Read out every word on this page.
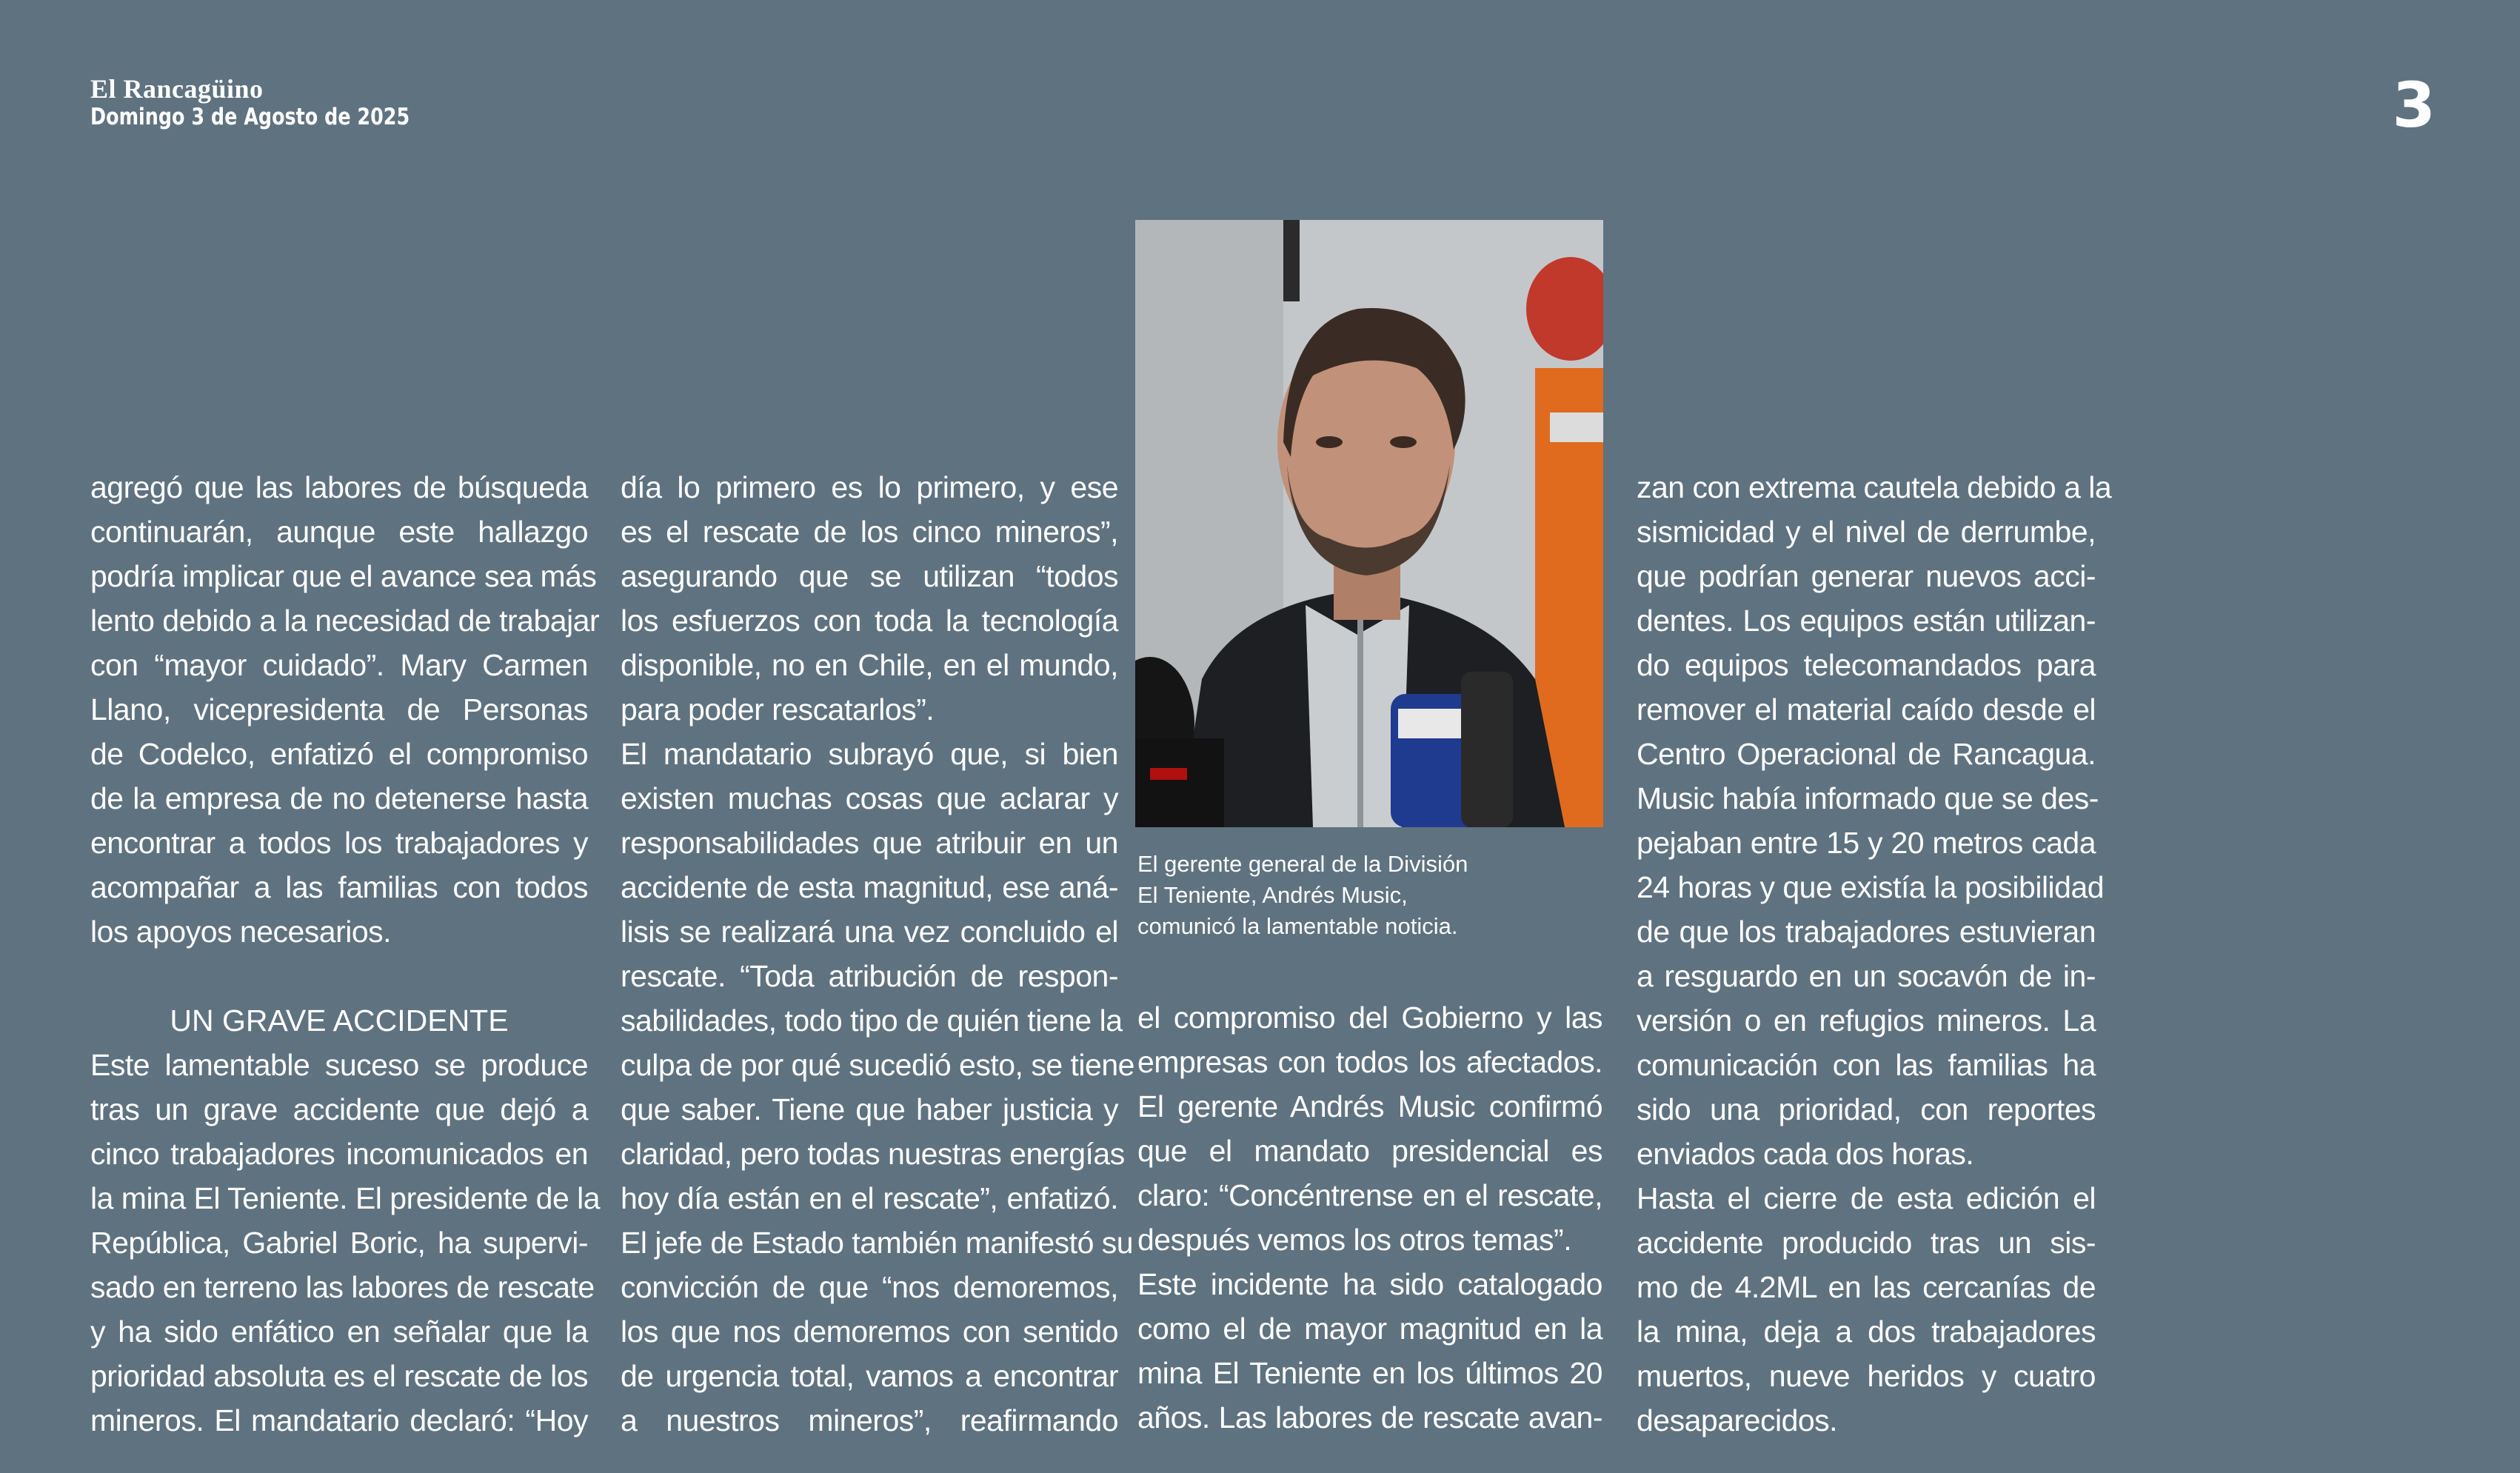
El Rancagüino
Domingo 3 de Agosto de 2025	3

agregó que las labores de búsqueda
continuarán, aunque este hallazgo
podría implicar que el avance sea más
lento debido a la necesidad de trabajar
con “mayor cuidado”. Mary Carmen
Llano, vicepresidenta de Personas
de Codelco, enfatizó el compromiso
de la empresa de no detenerse hasta
encontrar a todos los trabajadores y
acompañar a las familias con todos
los apoyos necesarios.

UN GRAVE ACCIDENTE

Este lamentable suceso se produce
tras un grave accidente que dejó a
cinco trabajadores incomunicados en
la mina El Teniente. El presidente de la
República, Gabriel Boric, ha supervi-
sado en terreno las labores de rescate
y ha sido enfático en señalar que la
prioridad absoluta es el rescate de los
mineros. El mandatario declaró: “Hoy

día lo primero es lo primero, y ese
es el rescate de los cinco mineros”,
asegurando que se utilizan “todos
los esfuerzos con toda la tecnología
disponible, no en Chile, en el mundo,
para poder rescatarlos”.

El mandatario subrayó que, si bien
existen muchas cosas que aclarar y
responsabilidades que atribuir en un
accidente de esta magnitud, ese aná-
lisis se realizará una vez concluido el
rescate. “Toda atribución de respon-
sabilidades, todo tipo de quién tiene la
culpa de por qué sucedió esto, se tiene
que saber. Tiene que haber justicia y
claridad, pero todas nuestras energías
hoy día están en el rescate”, enfatizó.

El jefe de Estado también manifestó su
convicción de que “nos demoremos,
los que nos demoremos con sentido
de urgencia total, vamos a encontrar
a nuestros mineros”, reafirmando

el compromiso del Gobierno y las
empresas con todos los afectados.
El gerente Andrés Music confirmó
que el mandato presidencial es
claro: “Concéntrense en el rescate,
después vemos los otros temas”.

Este incidente ha sido catalogado
como el de mayor magnitud en la
mina El Teniente en los últimos 20
años. Las labores de rescate avan-

zan con extrema cautela debido a la
sismicidad y el nivel de derrumbe,
que podrían generar nuevos acci-
dentes. Los equipos están utilizan-
do equipos telecomandados para
remover el material caído desde el
Centro Operacional de Rancagua.
Music había informado que se des-
pejaban entre 15 y 20 metros cada
24 horas y que existía la posibilidad
de que los trabajadores estuvieran
a resguardo en un socavón de in-
versión o en refugios mineros. La
comunicación con las familias ha
sido una prioridad, con reportes
enviados cada dos horas.

Hasta el cierre de esta edición el
accidente producido tras un sis-
mo de 4.2ML en las cercanías de
la mina, deja a dos trabajadores
muertos, nueve heridos y cuatro
desaparecidos.

El gerente general de la División
El Teniente, Andrés Music,
comunicó la lamentable noticia.
